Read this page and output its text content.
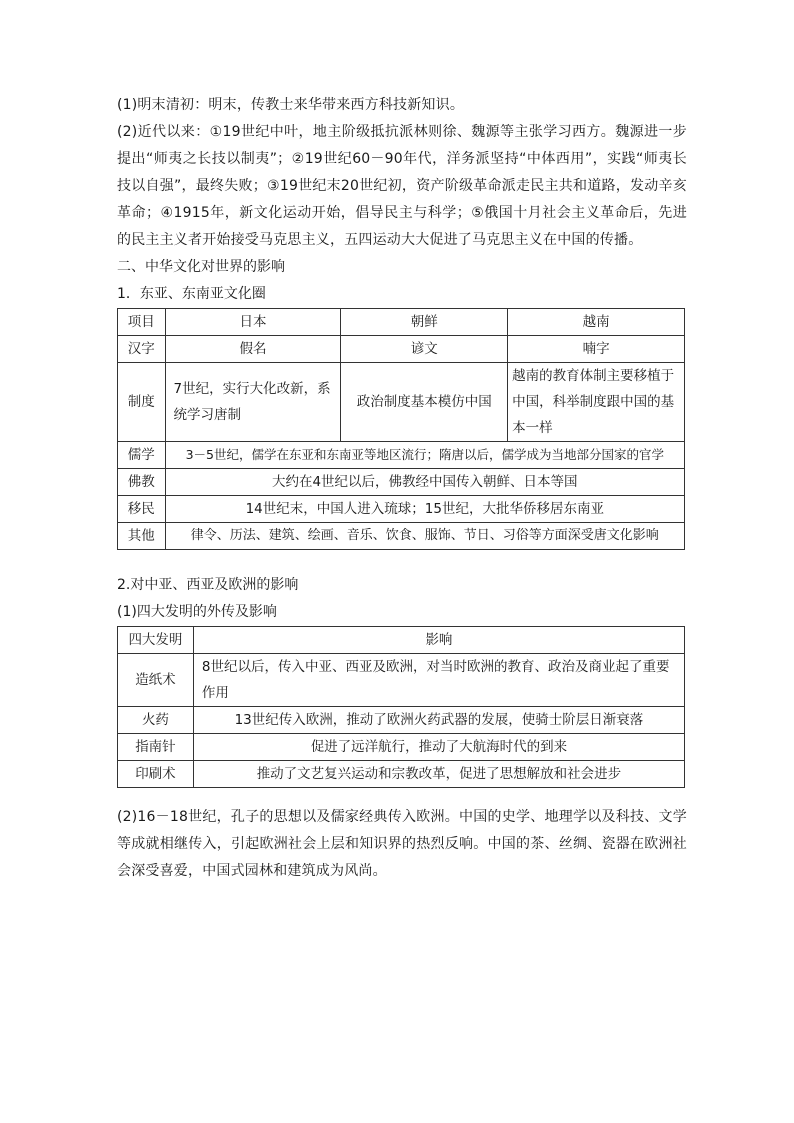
(1)明末清初：明末，传教士来华带来西方科技新知识。

(2)近代以来：①19世纪中叶，地主阶级抵抗派林则徐、魏源等主张学习西方。魏源进一步提出“师夷之长技以制夷”；②19世纪60－90年代，洋务派坚持“中体西用”，实践“师夷长技以自强”，最终失败；③19世纪末20世纪初，资产阶级革命派走民主共和道路，发动辛亥革命；④1915年，新文化运动开始，倡导民主与科学；⑤俄国十月社会主义革命后，先进的民主主义者开始接受马克思主义，五四运动大大促进了马克思主义在中国的传播。

二、中华文化对世界的影响

1．东亚、东南亚文化圈

项目	日本	朝鲜	越南
汉字	假名	谚文	喃字
制度	7世纪，实行大化改新，系统学习唐制	政治制度基本模仿中国	越南的教育体制主要移植于中国，科举制度跟中国的基本一样
儒学	3－5世纪，儒学在东亚和东南亚等地区流行；隋唐以后，儒学成为当地部分国家的官学		
佛教	大约在4世纪以后，佛教经中国传入朝鲜、日本等国		
移民	14世纪末，中国人进入琉球；15世纪，大批华侨移居东南亚		
其他	律令、历法、建筑、绘画、音乐、饮食、服饰、节日、习俗等方面深受唐文化影响		

2.对中亚、西亚及欧洲的影响

(1)四大发明的外传及影响

四大发明	影响
造纸术	8世纪以后，传入中亚、西亚及欧洲，对当时欧洲的教育、政治及商业起了重要作用
火药	13世纪传入欧洲，推动了欧洲火药武器的发展，使骑士阶层日渐衰落
指南针	促进了远洋航行，推动了大航海时代的到来
印刷术	推动了文艺复兴运动和宗教改革，促进了思想解放和社会进步

(2)16－18世纪，孔子的思想以及儒家经典传入欧洲。中国的史学、地理学以及科技、文学等成就相继传入，引起欧洲社会上层和知识界的热烈反响。中国的茶、丝绸、瓷器在欧洲社会深受喜爱，中国式园林和建筑成为风尚。
